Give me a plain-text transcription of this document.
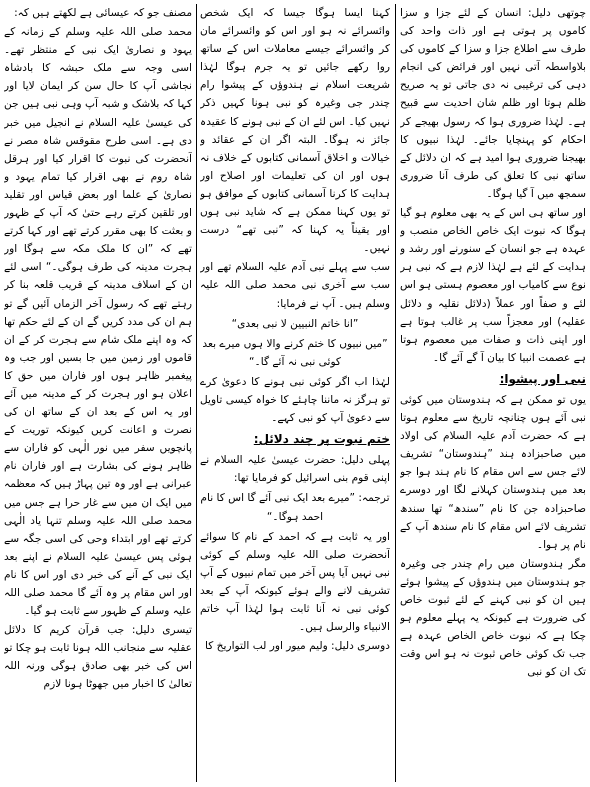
چوتھی دلیل: انسان کے لئے جزا و سزا کاموں پر ہوتی ہے اور ذات واحد کی طرف سے اطلاع جزا و سزا کے کاموں کی بلاواسطہ آتی نہیں اور فرائض کی انجام دہی کی ترغیبی نہ دی جاتی تو یہ صریح ظلم ہوتا اور ظلم شان احدیت سے قبیح ہے۔ لہٰذا ضروری ہوا کہ رسول بھیجے کر احکام کو پہنچایا جائے۔ لہٰذا نبیوں کا بھیجنا ضروری ہوا امید ہے کہ ان دلائل کے ساتھ نبی کا تعلق کی طرف آنا ضروری سمجھ میں آ گیا ہوگا۔

اور ساتھ ہی اس کے یہ بھی معلوم ہو گیا ہوگا کہ نبوت ایک خاص الخاص منصب و عہدہ ہے جو انسان کے سنورنے اور رشد و ہدایت کے لئے ہے لہٰذا لازم ہے کہ نبی ہر نوع سے کامیاب اور معصوم ہستی ہو اس لئے و صفاً اور عملاً (دلائل نقلیہ و دلائل عقلیہ) اور معجزاً سب پر غالب ہوتا ہے اور اپنی ذات و صفات میں معصوم ہوتا ہے عصمت انبیا کا بیان آ گے آئے گا۔

نبی اور پیشوا:

یوں تو ممکن ہے کہ ہندوستان میں کوئی نبی آئے ہوں چنانچہ تاریخ سے معلوم ہوتا ہے کہ حضرت آدم علیہ السلام کی اولاد میں صاحبزادہ ہند ”ہندوستان“ تشریف لائے جس سے اس مقام کا نام ہند ہوا جو بعد میں ہندوستان کہلانے لگا اور دوسرے صاحبزادہ جن کا نام ”سندھ“ تھا سندھ تشریف لائے اس مقام کا نام سندھ آپ کے نام پر ہوا۔

مگر ہندوستان میں رام چندر جی وغیرہ جو ہندوستان میں ہندوؤں کے پیشوا ہوئے ہیں ان کو نبی کہنے کے لئے ثبوت خاص کی ضرورت ہے کیونکہ یہ پہلے معلوم ہو چکا ہے کہ نبوت خاص الخاص عہدہ ہے جب تک کوئی خاص ثبوت نہ ہو اس وقت تک ان کو نبی

کہنا ایسا ہوگا جیسا کہ ایک شخص وائسرائے نہ ہو اور اس کو وائسرائے مان کر وائسرائے جیسے معاملات اس کے ساتھ روا رکھے جائیں تو یہ جرم ہوگا لہٰذا شریعت اسلام نے ہندوؤں کے پیشوا رام چندر جی وغیرہ کو نبی ہونا کہیں ذکر نہیں کیا۔ اس لئے ان کے نبی ہونے کا عقیدہ جائز نہ ہوگا۔ البتہ اگر ان کے عقائد و خیالات و اخلاق آسمانی کتابوں کے خلاف نہ ہوں اور ان کی تعلیمات اور اصلاح اور ہدایت کا کرنا آسمانی کتابوں کے موافق ہو تو یوں کہنا ممکن ہے کہ شاید نبی ہوں اور یقیناً یہ کہنا کہ ”نبی تھے“ درست نہیں۔

سب سے پہلے نبی آدم علیہ السلام تھے اور سب سے آخری نبی محمد صلی اللہ علیہ وسلم ہیں۔ آپ نے فرمایا:

”انا خاتم النبیین لا نبی بعدی“

”میں نبیوں کا ختم کرنے والا ہوں میرے بعد کوئی نبی نہ آئے گا۔“

لہٰذا اب اگر کوئی نبی ہونے کا دعویٰ کرے تو ہرگز نہ ماننا چاہئے کا خواہ کیسی تاویل سے دعویٰ آپ کو نبی کہے۔

ختم نبوت پر چند دلائل:

پہلی دلیل: حضرت عیسیٰ علیہ السلام نے اپنی قوم بنی اسرائیل کو فرمایا تھا:

ترجمہ: ”میرے بعد ایک نبی آئے گا اس کا نام احمد ہوگا۔“

اور یہ ثابت ہے کہ احمد کے نام کا سوائے آنحضرت صلی اللہ علیہ وسلم کے کوئی نبی نہیں آیا پس آخر میں تمام نبیوں کے آپ تشریف لانے والے ہوئے کیونکہ آپ کے بعد کوئی نبی نہ آنا ثابت ہوا لہٰذا آپ خاتم الانبیاء والرسل ہیں۔

دوسری دلیل: ولیم میور اور لب التواریخ کا

مصنف جو کہ عیسائی ہے لکھتے ہیں کہ:

محمد صلی اللہ علیہ وسلم کے زمانہ کے یہود و نصاریٰ ایک نبی کے منتظر تھے۔ اسی وجہ سے ملک حبشہ کا بادشاہ نجاشی آپ کا حال سن کر ایمان لایا اور کہا کہ بلاشک و شبہ آپ وہی نبی ہیں جن کی عیسیٰ علیہ السلام نے انجیل میں خبر دی ہے۔ اسی طرح مقوقس شاہ مصر نے آنحضرت کی نبوت کا اقرار کیا اور ہرقل شاہ روم نے بھی اقرار کیا تمام یہود و نصاریٰ کے علما اور بعض قیاس اور تقلید اور تلقین کرتے رہے حتیٰ کہ آپ کے ظہور و بعثت کا بھی مقرر کرتے تھے اور کہا کرتے تھے کہ ”ان کا ملک مکہ سے ہوگا اور ہجرت مدینہ کی طرف ہوگی۔“ اسی لئے ان کے اسلاف مدینہ کے قریب قلعہ بنا کر رہتے تھے کہ رسول آخر الزماں آئیں گے تو ہم ان کی مدد کریں گے ان کے لئے حکم تھا کہ وہ اپنے ملک شام سے ہجرت کر کے ان قاموں اور زمین میں جا بسیں اور جب وہ پیغمبر ظاہر ہوں اور فاران میں حق کا اعلان ہو اور ہجرت کر کے مدینہ میں آئے اور یہ اس کے بعد ان کے ساتھ ان کی نصرت و اعانت کریں کیونکہ توریت کے پانچویں سفر میں نور الٰہی کو فاران سے ظاہر ہونے کی بشارت ہے اور فاران نام عبرانی ہے اور وہ تین پہاڑ ہیں کہ معظمہ میں ایک ان میں سے غار حرا ہے جس میں محمد صلی اللہ علیہ وسلم تنہا یاد الٰہی کرتے تھے اور ابتداء وحی کی اسی جگہ سے ہوئی پس عیسیٰ علیہ السلام نے اپنے بعد ایک نبی کے آنے کی خبر دی اور اس کا نام اور اس مقام پر وہ آئے گا محمد صلی اللہ علیہ وسلم کے ظہور سے ثابت ہو گیا۔

تیسری دلیل: جب قرآن کریم کا دلائل عقلیہ سے منجانب اللہ ہونا ثابت ہو چکا تو اس کی خبر بھی صادق ہوگی ورنہ اللہ تعالیٰ کا اخبار میں جھوٹا ہونا لازم
